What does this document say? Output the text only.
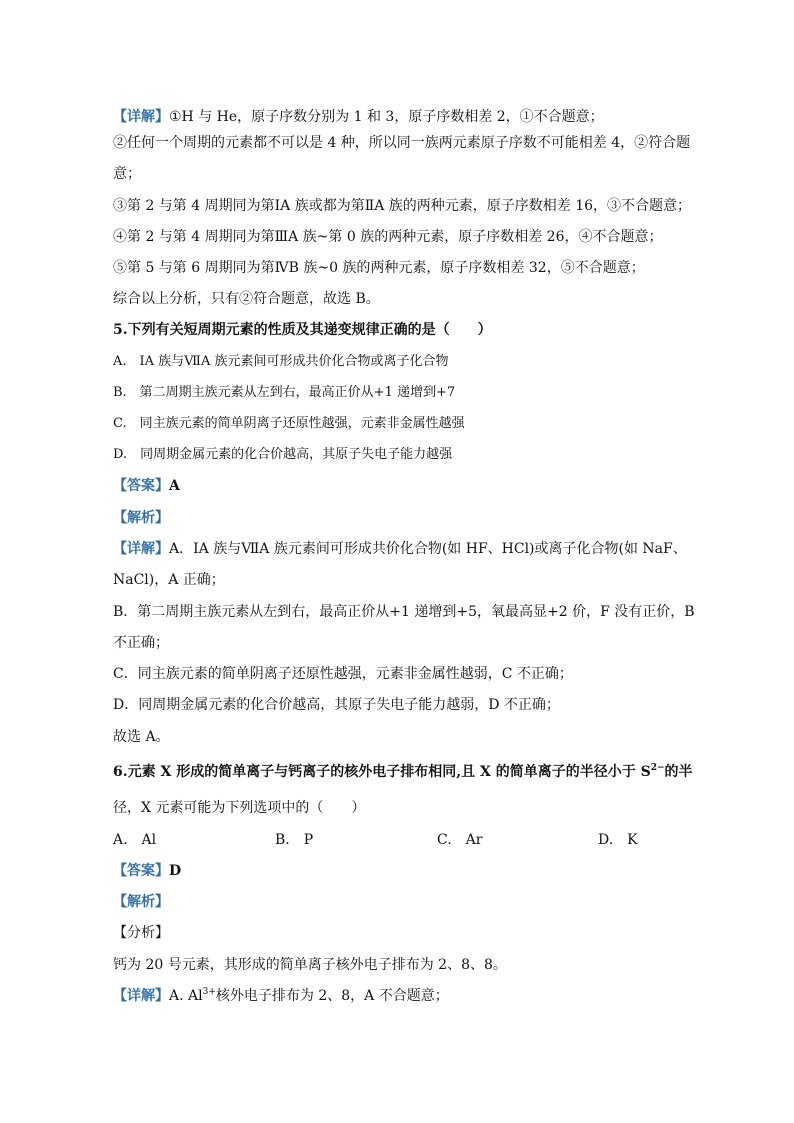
【详解】①H 与 He，原子序数分别为 1 和 3，原子序数相差 2，①不合题意；
②任何一个周期的元素都不可以是 4 种，所以同一族两元素原子序数不可能相差 4，②符合题
意；
③第 2 与第 4 周期同为第ⅠA 族或都为第ⅡA 族的两种元素，原子序数相差 16，③不合题意；
④第 2 与第 4 周期同为第ⅢA 族~第 0 族的两种元素，原子序数相差 26，④不合题意；
⑤第 5 与第 6 周期同为第ⅣB 族~0 族的两种元素，原子序数相差 32，⑤不合题意；
综合以上分析，只有②符合题意，故选 B。
5.下列有关短周期元素的性质及其递变规律正确的是（　　）
A.　ⅠA 族与ⅦA 族元素间可形成共价化合物或离子化合物
B.　第二周期主族元素从左到右，最高正价从+1 递增到+7
C.　同主族元素的简单阴离子还原性越强，元素非金属性越强
D.　同周期金属元素的化合价越高，其原子失电子能力越强
【答案】A
【解析】
【详解】A．ⅠA 族与ⅦA 族元素间可形成共价化合物(如 HF、HCl)或离子化合物(如 NaF、
NaCl)，A 正确；
B．第二周期主族元素从左到右，最高正价从+1 递增到+5，氧最高显+2 价，F 没有正价，B
不正确；
C．同主族元素的简单阴离子还原性越强，元素非金属性越弱，C 不正确；
D．同周期金属元素的化合价越高，其原子失电子能力越弱，D 不正确；
故选 A。
6.元素 X 形成的简单离子与钙离子的核外电子排布相同,且 X 的简单离子的半径小于 $S^{2-}$的半
径，X 元素可能为下列选项中的（　　）
A.　Al	B.　P	C.　Ar	D.　K
【答案】D
【解析】
【分析】
钙为 20 号元素，其形成的简单离子核外电子排布为 2、8、8。
【详解】A. $Al^{3+}$核外电子排布为 2、8，A 不合题意；
